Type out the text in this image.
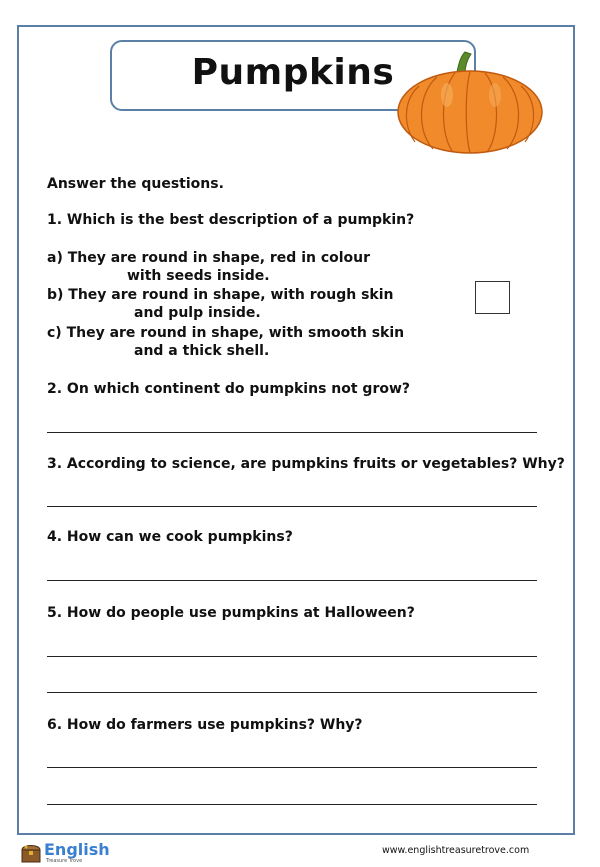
Pumpkins
Answer the questions.
1. Which is the best description of a pumpkin?
a) They are round in shape, red in colour
with seeds inside.
b) They are round in shape, with rough skin
and pulp inside.
c) They are round in shape, with smooth skin
and a thick shell.
2. On which continent do pumpkins not grow?
3. According to science, are pumpkins fruits or vegetables? Why?
4. How can we cook pumpkins?
5. How do people use pumpkins at Halloween?
6. How do farmers use pumpkins? Why?
English
Treasure Trove
www.englishtreasuretrove.com
